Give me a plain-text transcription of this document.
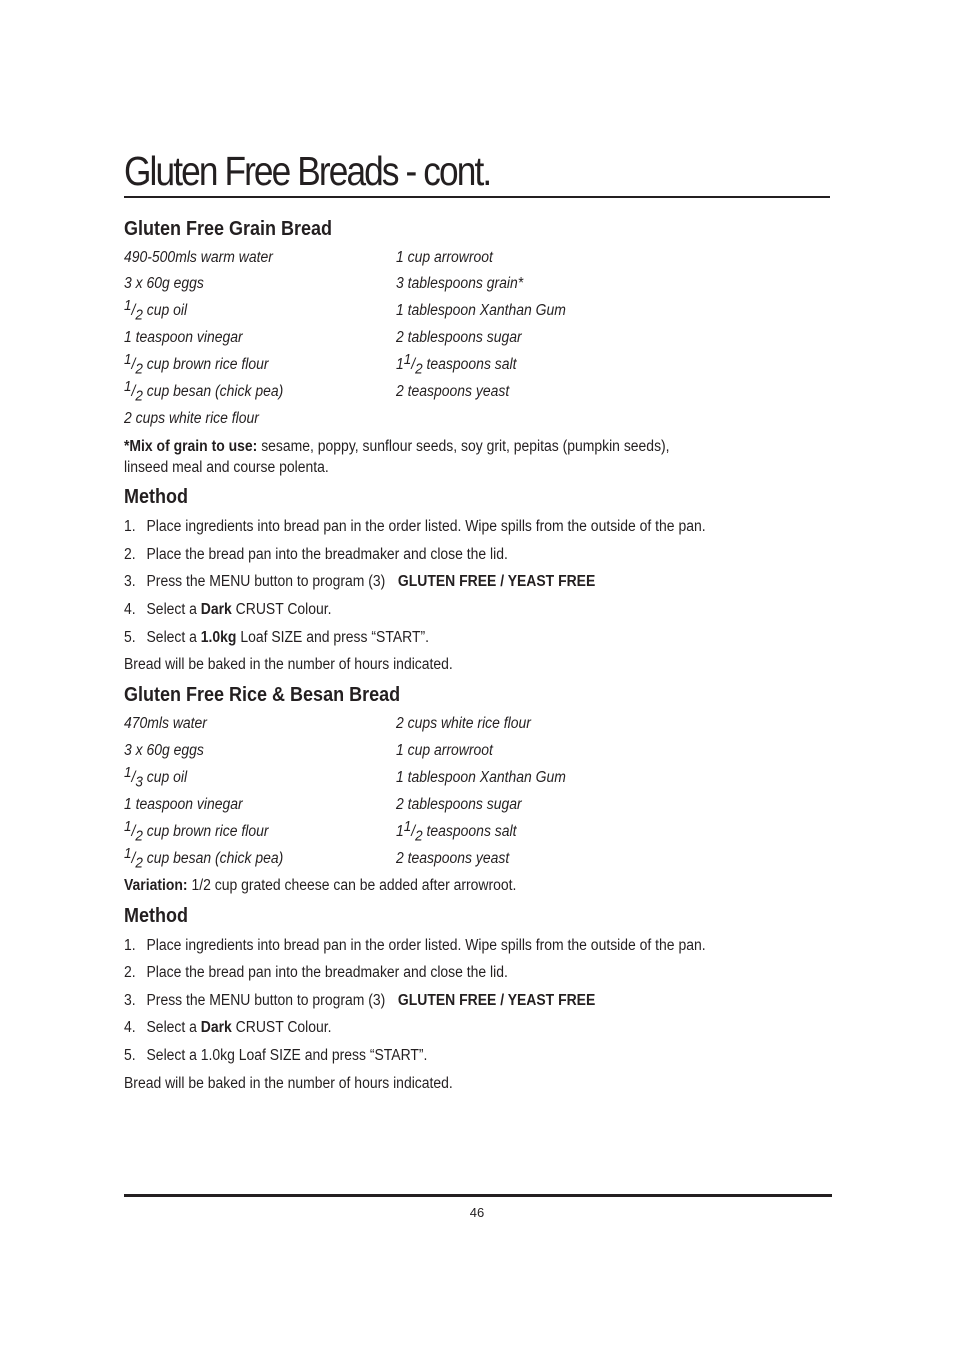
Gluten Free Breads - cont.
Gluten Free Grain Bread
490-500mls warm water
3 x 60g eggs
$^1/_2$ cup oil
1 teaspoon vinegar
$^1/_2$ cup brown rice flour
$^1/_2$ cup besan (chick pea)
2 cups white rice flour
1 cup arrowroot
3 tablespoons grain*
1 tablespoon Xanthan Gum
2 tablespoons sugar
$1^1/_2$ teaspoons salt
2 teaspoons yeast
*Mix of grain to use: sesame, poppy, sunflour seeds, soy grit, pepitas (pumpkin seeds),
linseed meal and course polenta.
Method
1. Place ingredients into bread pan in the order listed. Wipe spills from the outside of the pan.
2. Place the bread pan into the breadmaker and close the lid.
3. Press the MENU button to program (3) GLUTEN FREE / YEAST FREE
4. Select a Dark CRUST Colour.
5. Select a 1.0kg Loaf SIZE and press “START”.
Bread will be baked in the number of hours indicated.
Gluten Free Rice & Besan Bread
470mls water
3 x 60g eggs
$^1/_3$ cup oil
1 teaspoon vinegar
$^1/_2$ cup brown rice flour
$^1/_2$ cup besan (chick pea)
2 cups white rice flour
1 cup arrowroot
1 tablespoon Xanthan Gum
2 tablespoons sugar
$1^1/_2$ teaspoons salt
2 teaspoons yeast
Variation: 1/2 cup grated cheese can be added after arrowroot.
Method
1. Place ingredients into bread pan in the order listed. Wipe spills from the outside of the pan.
2. Place the bread pan into the breadmaker and close the lid.
3. Press the MENU button to program (3) GLUTEN FREE / YEAST FREE
4. Select a Dark CRUST Colour.
5. Select a 1.0kg Loaf SIZE and press “START”.
Bread will be baked in the number of hours indicated.
46
